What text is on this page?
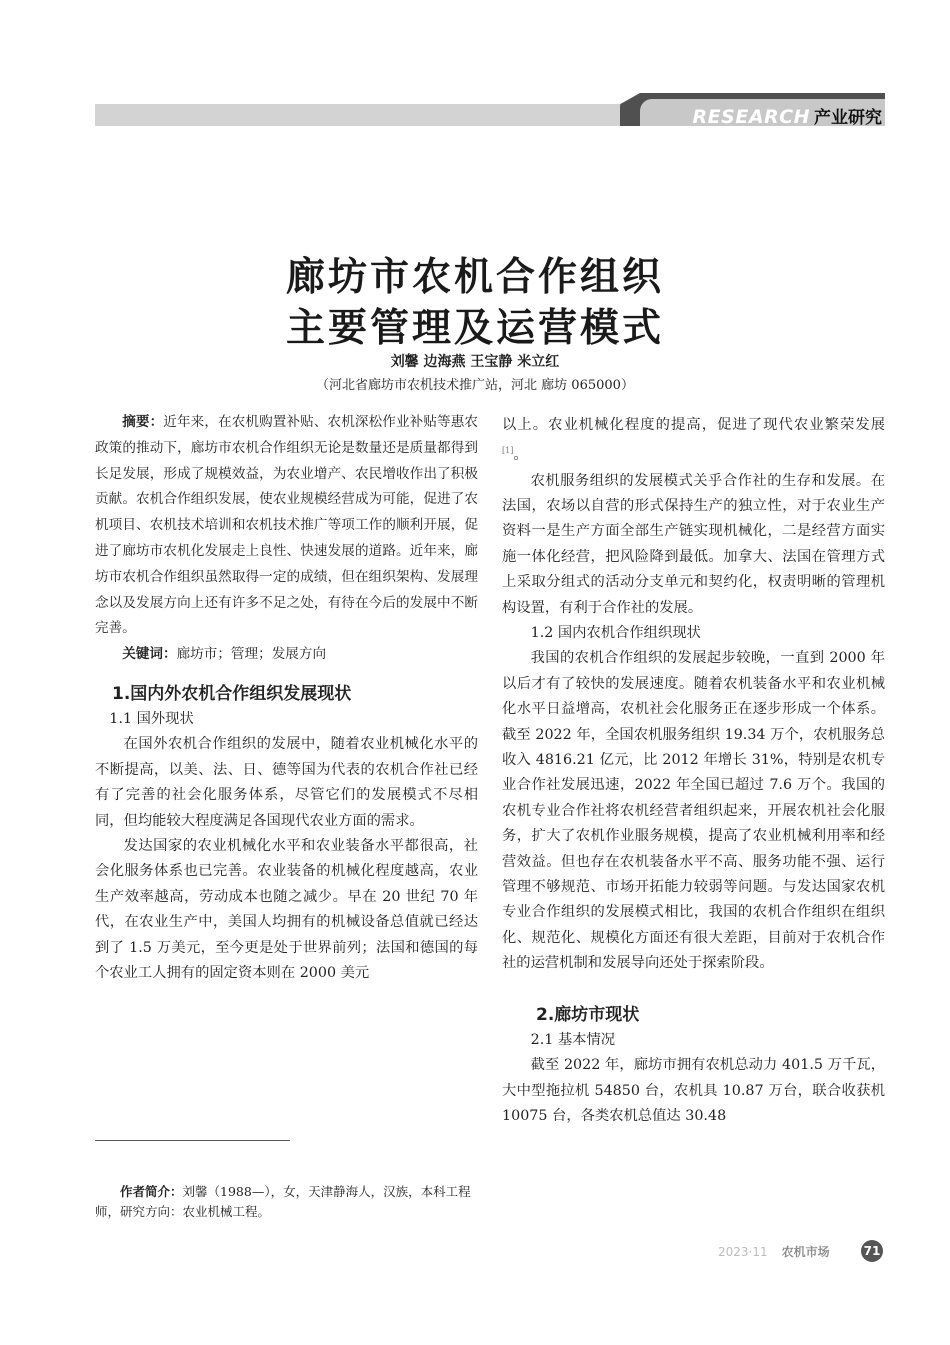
RESEARCH 产业研究
廊坊市农机合作组织
主要管理及运营模式
刘馨 边海燕 王宝静 米立红
（河北省廊坊市农机技术推广站，河北 廊坊 065000）

摘要：近年来，在农机购置补贴、农机深松作业补贴等惠农政策的推动下，廊坊市农机合作组织无论是数量还是质量都得到长足发展，形成了规模效益，为农业增产、农民增收作出了积极贡献。农机合作组织发展，使农业规模经营成为可能，促进了农机项目、农机技术培训和农机技术推广等项工作的顺利开展，促进了廊坊市农机化发展走上良性、快速发展的道路。近年来，廊坊市农机合作组织虽然取得一定的成绩，但在组织架构、发展理念以及发展方向上还有许多不足之处，有待在今后的发展中不断完善。

关键词：廊坊市；管理；发展方向

1.国内外农机合作组织发展现状

1.1 国外现状

在国外农机合作组织的发展中，随着农业机械化水平的不断提高，以美、法、日、德等国为代表的农机合作社已经有了完善的社会化服务体系，尽管它们的发展模式不尽相同，但均能较大程度满足各国现代农业方面的需求。

发达国家的农业机械化水平和农业装备水平都很高，社会化服务体系也已完善。农业装备的机械化程度越高，农业生产效率越高，劳动成本也随之减少。早在 20 世纪 70 年代，在农业生产中，美国人均拥有的机械设备总值就已经达到了 1.5 万美元，至今更是处于世界前列；法国和德国的每个农业工人拥有的固定资本则在 2000 美元

作者简介：刘馨（1988—），女，天津静海人，汉族，本科工程师，研究方向：农业机械工程。

以上。农业机械化程度的提高，促进了现代农业繁荣发展[1]。

农机服务组织的发展模式关乎合作社的生存和发展。在法国，农场以自营的形式保持生产的独立性，对于农业生产资料一是生产方面全部生产链实现机械化，二是经营方面实施一体化经营，把风险降到最低。加拿大、法国在管理方式上采取分组式的活动分支单元和契约化，权责明晰的管理机构设置，有利于合作社的发展。

1.2 国内农机合作组织现状

我国的农机合作组织的发展起步较晚，一直到 2000 年以后才有了较快的发展速度。随着农机装备水平和农业机械化水平日益增高，农机社会化服务正在逐步形成一个体系。截至 2022 年，全国农机服务组织 19.34 万个，农机服务总收入 4816.21 亿元，比 2012 年增长 31%，特别是农机专业合作社发展迅速，2022 年全国已超过 7.6 万个。我国的农机专业合作社将农机经营者组织起来，开展农机社会化服务，扩大了农机作业服务规模，提高了农业机械利用率和经营效益。但也存在农机装备水平不高、服务功能不强、运行管理不够规范、市场开拓能力较弱等问题。与发达国家农机专业合作组织的发展模式相比，我国的农机合作组织在组织化、规范化、规模化方面还有很大差距，目前对于农机合作社的运营机制和发展导向还处于探索阶段。

2.廊坊市现状

2.1 基本情况

截至 2022 年，廊坊市拥有农机总动力 401.5 万千瓦，大中型拖拉机 54850 台，农机具 10.87 万台，联合收获机 10075 台，各类农机总值达 30.48

2023·11 农机市场	71
